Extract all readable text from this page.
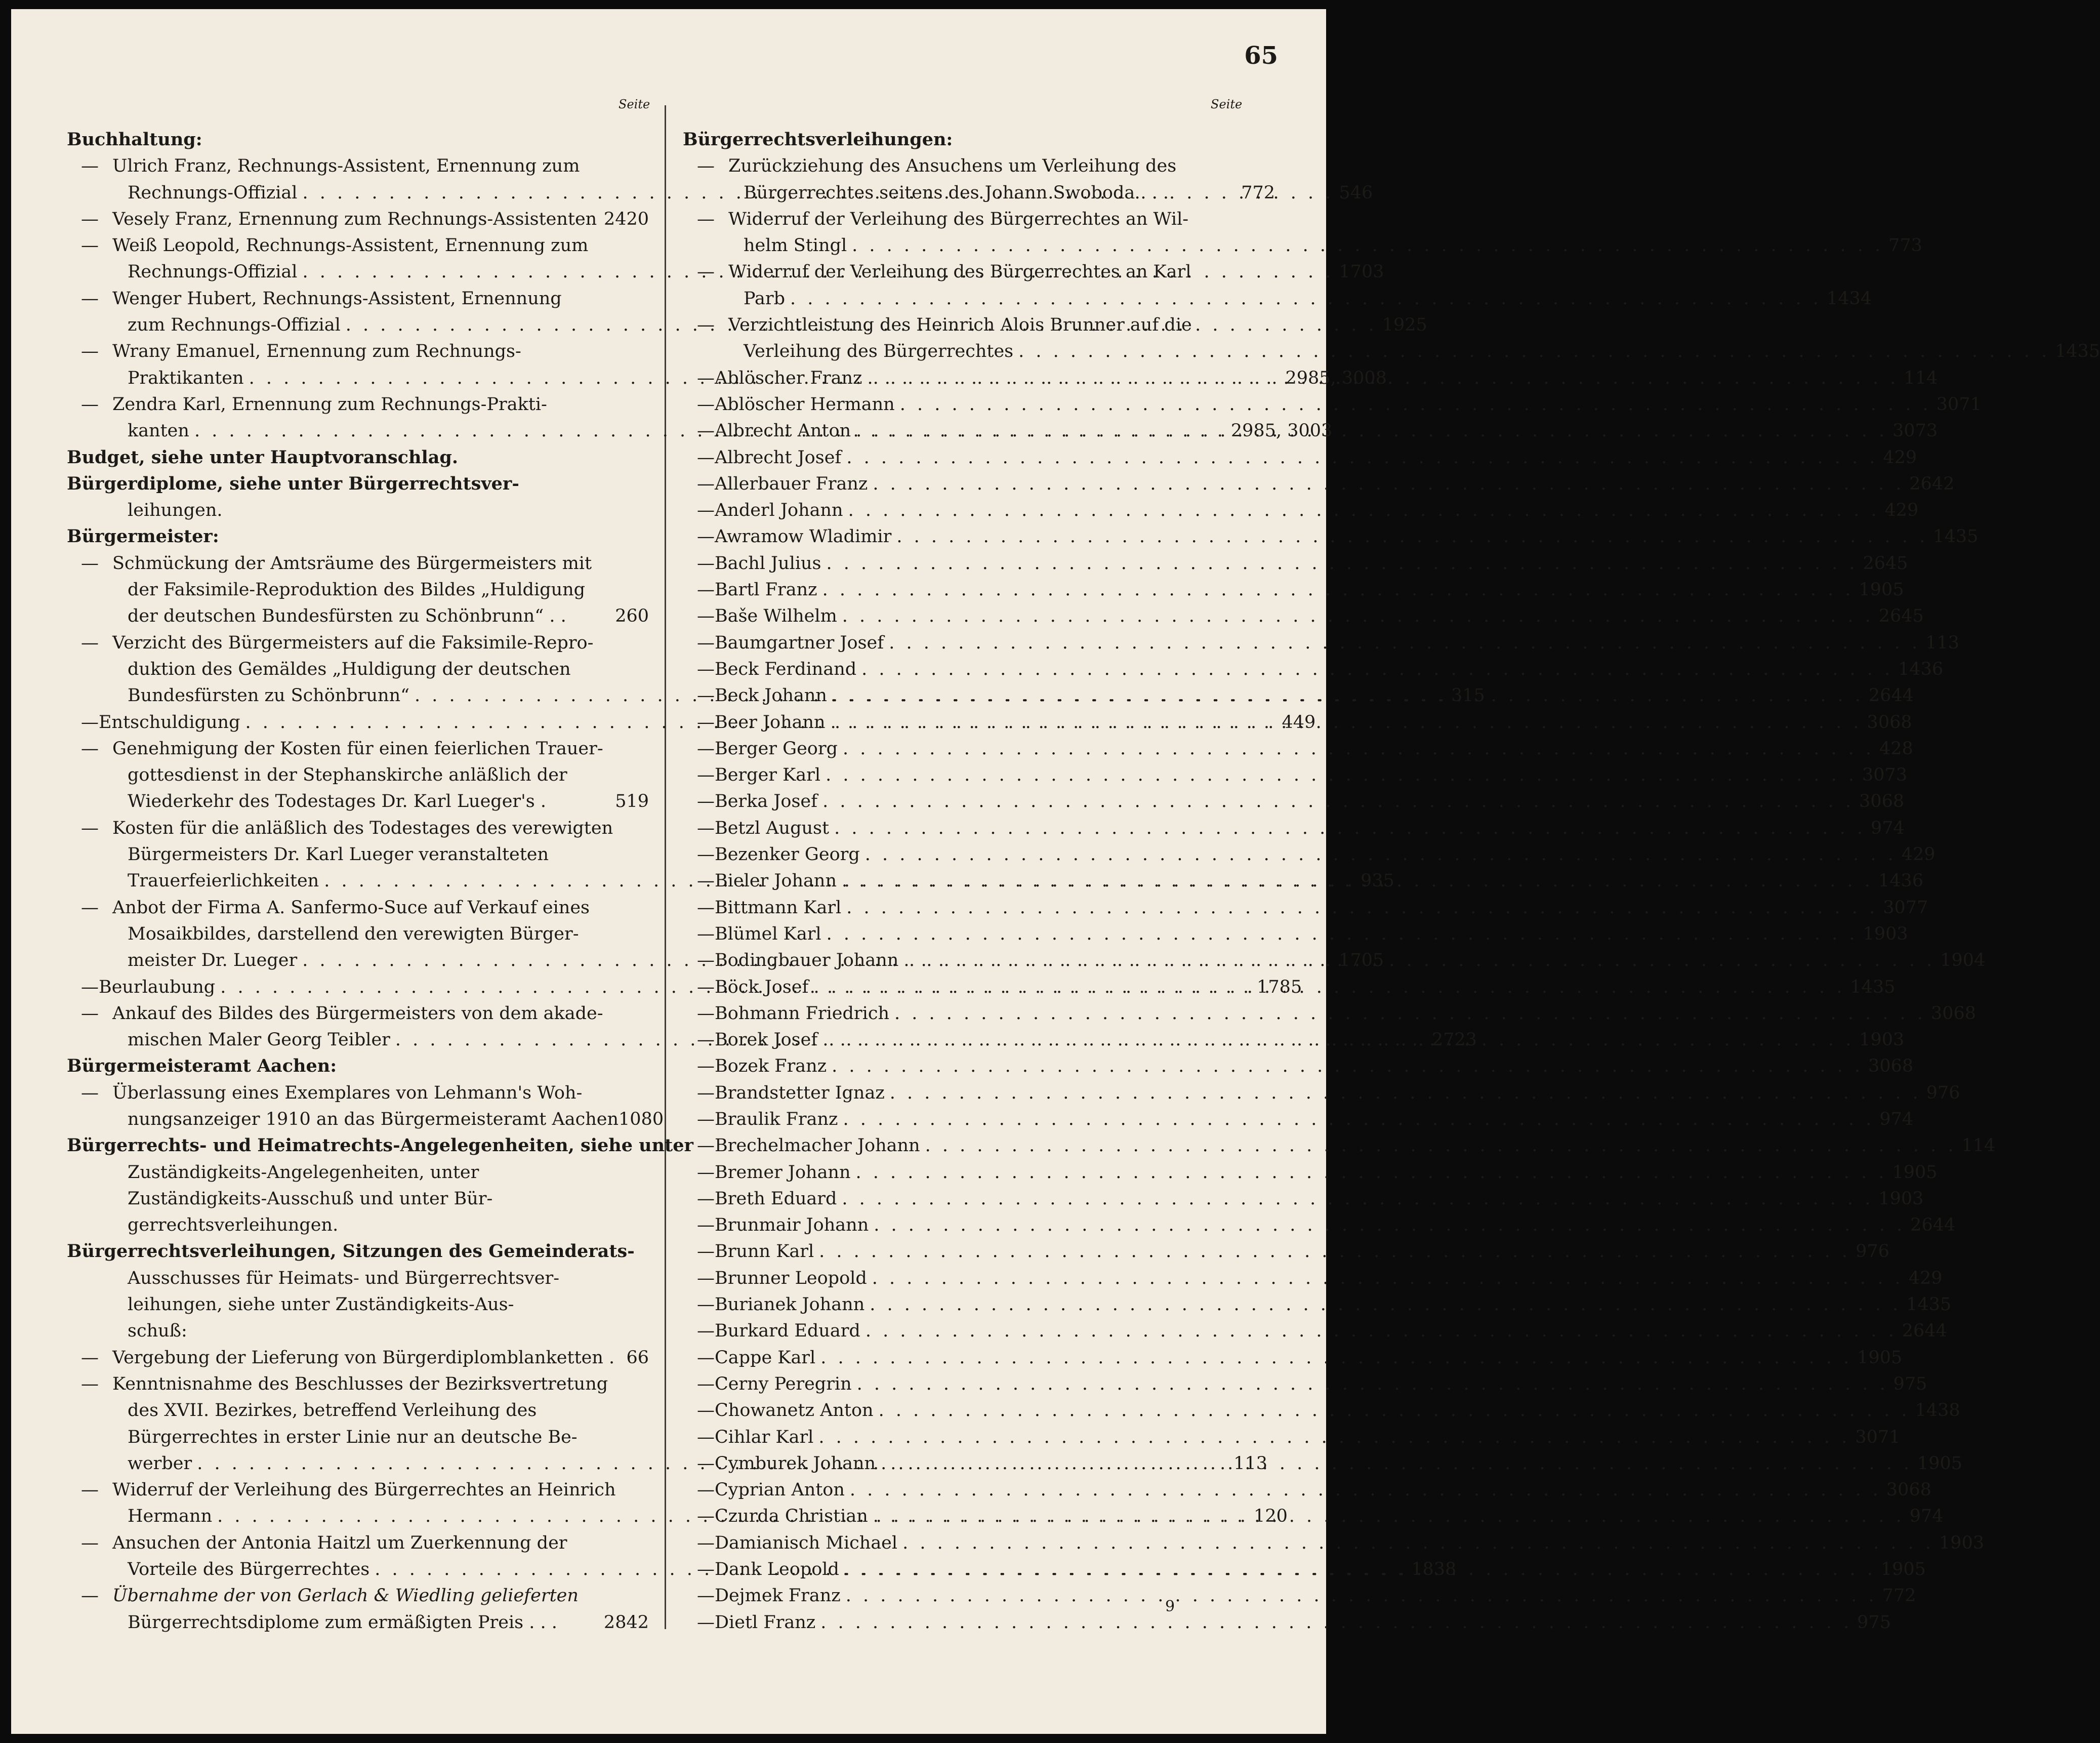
65
Seite	Seite
Buchhaltung:
— Ulrich Franz, Rechnungs-Assistent, Ernennung zum
Rechnungs-Offizial . . .	546
— Vesely Franz, Ernennung zum Rechnungs-Assistenten 2420
— Weiß Leopold, Rechnungs-Assistent, Ernennung zum
Rechnungs-Offizial . . .	1703
— Wenger Hubert, Rechnungs-Assistent, Ernennung
zum Rechnungs-Offizial . . .	1925
— Wrany Emanuel, Ernennung zum Rechnungs-
Praktikanten . . .	2985, 3008
— Zendra Karl, Ernennung zum Rechnungs-Prakti-
kanten . . .	2985, 3003
Budget, siehe unter Hauptvoranschlag.
Bürgerdiplome, siehe unter Bürgerrechtsver-
leihungen.
Bürgermeister:
— Schmückung der Amtsräume des Bürgermeisters mit
der Faksimile-Reproduktion des Bildes „Huldigung
der deutschen Bundesfürsten zu Schönbrunn“ . .	260
— Verzicht des Bürgermeisters auf die Faksimile-Repro-
duktion des Gemäldes „Huldigung der deutschen
Bundesfürsten zu Schönbrunn“ . . .	315
— Entschuldigung . . .	449
— Genehmigung der Kosten für einen feierlichen Trauer-
gottesdienst in der Stephanskirche anläßlich der
Wiederkehr des Todestages Dr. Karl Lueger's .	519
— Kosten für die anläßlich des Todestages des verewigten
Bürgermeisters Dr. Karl Lueger veranstalteten
Trauerfeierlichkeiten . . .	935
— Anbot der Firma A. Sanfermo-Suce auf Verkauf eines
Mosaikbildes, darstellend den verewigten Bürger-
meister Dr. Lueger . . .	1705
— Beurlaubung . . .	1785
— Ankauf des Bildes des Bürgermeisters von dem akade-
mischen Maler Georg Teibler . . .	2723
Bürgermeisteramt Aachen:
— Überlassung eines Exemplares von Lehmann's Woh-
nungsanzeiger 1910 an das Bürgermeisteramt Aachen 1080
Bürgerrechts- und Heimatrechts-Angelegenheiten, siehe unter
Zuständigkeits-Angelegenheiten, unter
Zuständigkeits-Ausschuß und unter Bür-
gerrechtsverleihungen.
Bürgerrechtsverleihungen, Sitzungen des Gemeinderats-
Ausschusses für Heimats- und Bürgerrechtsver-
leihungen, siehe unter Zuständigkeits-Aus-
schuß:
— Vergebung der Lieferung von Bürgerdiplomblanketten . 66
— Kenntnisnahme des Beschlusses der Bezirksvertretung
des XVII. Bezirkes, betreffend Verleihung des
Bürgerrechtes in erster Linie nur an deutsche Be-
werber . . .	113
— Widerruf der Verleihung des Bürgerrechtes an Heinrich
Hermann . . .	120
— Ansuchen der Antonia Haitzl um Zuerkennung der
Vorteile des Bürgerrechtes . . .	1838
— Übernahme der von Gerlach & Wiedling gelieferten
Bürgerrechtsdiplome zum ermäßigten Preis . . .	2842
Bürgerrechtsverleihungen:
— Zurückziehung des Ansuchens um Verleihung des
Bürgerrechtes seitens des Johann Swoboda . . .	772
— Widerruf der Verleihung des Bürgerrechtes an Wil-
helm Stingl . . .	773
— Widerruf der Verleihung des Bürgerrechtes an Karl
Parb . . .	1434
— Verzichtleistung des Heinrich Alois Brunner auf die
Verleihung des Bürgerrechtes . . .	1435
— Ablöscher Franz . . .	114
— Ablöscher Hermann . . .	3071
— Albrecht Anton . . .	3073
— Albrecht Josef . . .	429
— Allerbauer Franz . . .	2642
— Anderl Johann . . .	429
— Awramow Wladimir . . .	1435
— Bachl Julius . . .	2645
— Bartl Franz . . .	1905
— Baše Wilhelm . . .	2645
— Baumgartner Josef . . .	113
— Beck Ferdinand . . .	1436
— Beck Johann . . .	2644
— Beer Johann . . .	3068
— Berger Georg . . .	428
— Berger Karl . . .	3073
— Berka Josef . . .	3068
— Betzl August . . .	974
— Bezenker Georg . . .	429
— Bieler Johann . . .	1436
— Bittmann Karl . . .	3077
— Blümel Karl . . .	1903
— Bodingbauer Johann . . .	1904
— Böck Josef . . .	1435
— Bohmann Friedrich . . .	3068
— Borek Josef . . .	1903
— Bozek Franz . . .	3068
— Brandstetter Ignaz . . .	976
— Braulik Franz . . .	974
— Brechelmacher Johann . . .	114
— Bremer Johann . . .	1905
— Breth Eduard . . .	1903
— Brunmair Johann . . .	2644
— Brunn Karl . . .	976
— Brunner Leopold . . .	429
— Burianek Johann . . .	1435
— Burkard Eduard . . .	2644
— Cappe Karl . . .	1905
— Cerny Peregrin . . .	975
— Chowanetz Anton . . .	1438
— Cihlar Karl . . .	3071
— Cymburek Johann . . .	1905
— Cyprian Anton . . .	3068
— Czurda Christian . . .	974
— Damianisch Michael . . .	1903
— Dank Leopold . . .	1905
— Dejmek Franz . . .	772
— Dietl Franz . . .	975
9
